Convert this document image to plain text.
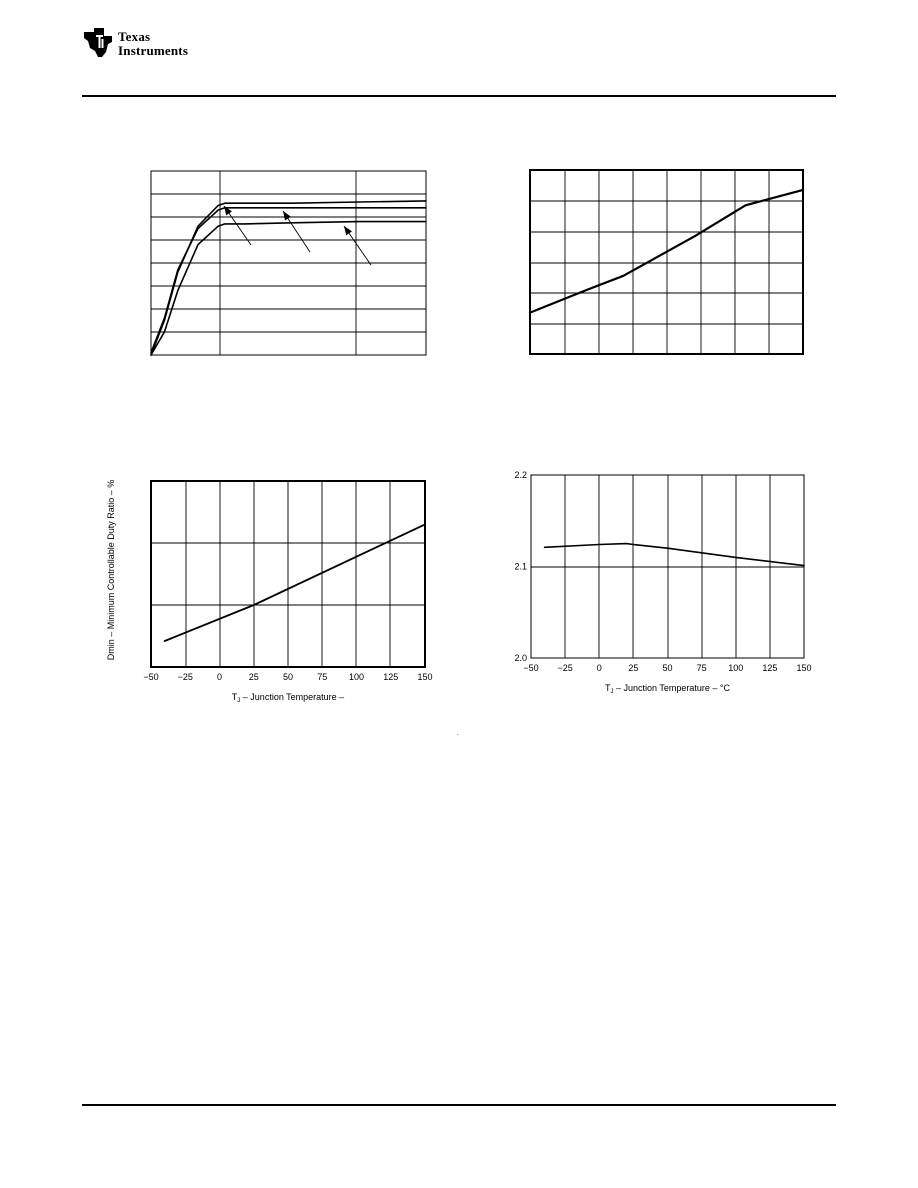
Texas
Instruments
−50 −25	0	25	50	75 100 125 150
$T_J$ – Junction Temperature –
Dmin – Minimum Controllable Duty Ratio – %
−50 −25	0	25	50	75 100 125 150
2.0
2.1
2.2
$T_J$ – Junction Temperature – °C
.
